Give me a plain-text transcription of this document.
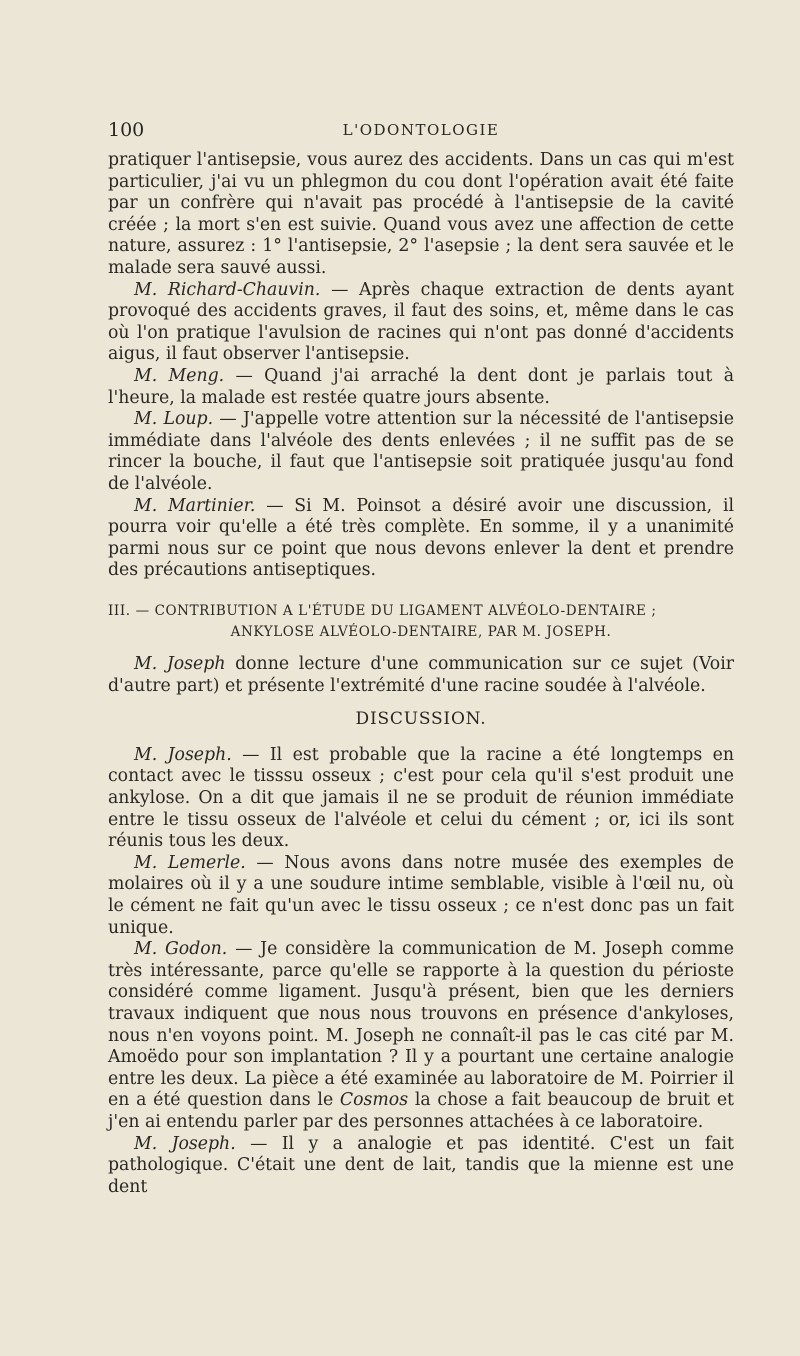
100	L'ODONTOLOGIE

pratiquer l'antisepsie, vous aurez des accidents. Dans un cas qui m'est particulier, j'ai vu un phlegmon du cou dont l'opération avait été faite par un confrère qui n'avait pas procédé à l'antisepsie de la cavité créée ; la mort s'en est suivie. Quand vous avez une affection de cette nature, assurez : 1° l'antisepsie, 2° l'asepsie ; la dent sera sauvée et le malade sera sauvé aussi.

M. Richard-Chauvin. — Après chaque extraction de dents ayant provoqué des accidents graves, il faut des soins, et, même dans le cas où l'on pratique l'avulsion de racines qui n'ont pas donné d'accidents aigus, il faut observer l'antisepsie.

M. Meng. — Quand j'ai arraché la dent dont je parlais tout à l'heure, la malade est restée quatre jours absente.

M. Loup. — J'appelle votre attention sur la nécessité de l'antisepsie immédiate dans l'alvéole des dents enlevées ; il ne suffit pas de se rincer la bouche, il faut que l'antisepsie soit pratiquée jusqu'au fond de l'alvéole.

M. Martinier. — Si M. Poinsot a désiré avoir une discussion, il pourra voir qu'elle a été très complète. En somme, il y a unanimité parmi nous sur ce point que nous devons enlever la dent et prendre des précautions antiseptiques.

III. — CONTRIBUTION A L'ÉTUDE DU LIGAMENT ALVÉOLO-DENTAIRE ;
ANKYLOSE ALVÉOLO-DENTAIRE, PAR M. JOSEPH.

M. Joseph donne lecture d'une communication sur ce sujet (Voir d'autre part) et présente l'extrémité d'une racine soudée à l'alvéole.

DISCUSSION.

M. Joseph. — Il est probable que la racine a été longtemps en contact avec le tisssu osseux ; c'est pour cela qu'il s'est produit une ankylose. On a dit que jamais il ne se produit de réunion immédiate entre le tissu osseux de l'alvéole et celui du cément ; or, ici ils sont réunis tous les deux.

M. Lemerle. — Nous avons dans notre musée des exemples de molaires où il y a une soudure intime semblable, visible à l'œil nu, où le cément ne fait qu'un avec le tissu osseux ; ce n'est donc pas un fait unique.

M. Godon. — Je considère la communication de M. Joseph comme très intéressante, parce qu'elle se rapporte à la question du périoste considéré comme ligament. Jusqu'à présent, bien que les derniers travaux indiquent que nous nous trouvons en présence d'ankyloses, nous n'en voyons point. M. Joseph ne connaît-il pas le cas cité par M. Amoëdo pour son implantation ? Il y a pourtant une certaine analogie entre les deux. La pièce a été examinée au laboratoire de M. Poirrier il en a été question dans le Cosmos la chose a fait beaucoup de bruit et j'en ai entendu parler par des personnes attachées à ce laboratoire.

M. Joseph. — Il y a analogie et pas identité. C'est un fait pathologique. C'était une dent de lait, tandis que la mienne est une dent
